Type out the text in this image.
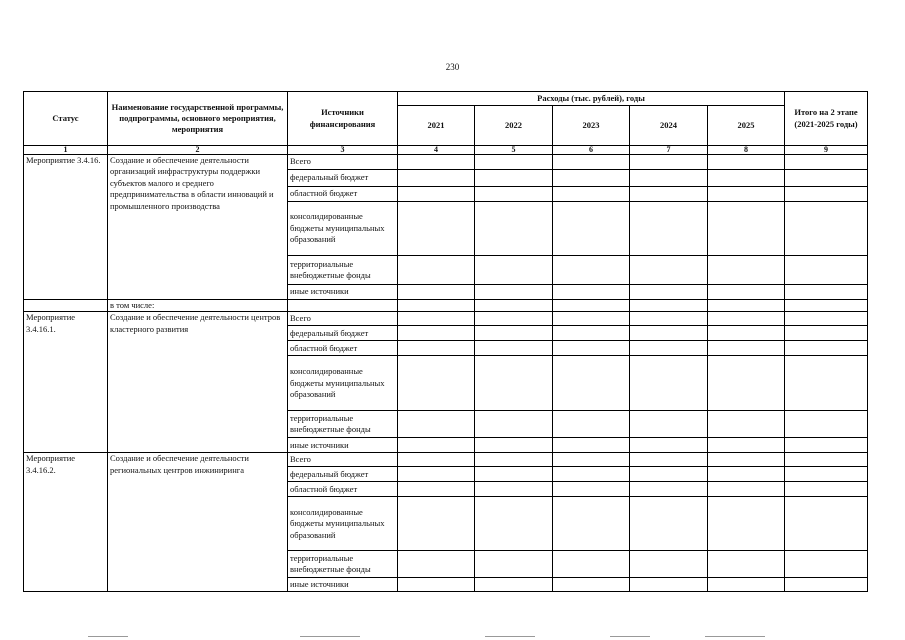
230
Статус	Наименование государственной программы, подпрограммы, основного мероприятия, мероприятия	Источники финансирования	Расходы (тыс. рублей), годы					Итого на 2 этапе (2021-2025 годы)
			2021	2022	2023	2024	2025	
1	2	3	4	5	6	7	8	9
Мероприятие 3.4.16.	Создание и обеспечение деятельности организаций инфраструктуры поддержки субъектов малого и среднего предпринимательства в области инноваций и промышленного производства	Всего						
		федеральный бюджет						
		областной бюджет						
		консолидированные бюджеты муниципальных образований						
		территориальные внебюджетные фонды						
		иные источники						
	в том числе:							
Мероприятие 3.4.16.1.	Создание и обеспечение деятельности центров кластерного развития	Всего						
		федеральный бюджет						
		областной бюджет						
		консолидированные бюджеты муниципальных образований						
		территориальные внебюджетные фонды						
		иные источники						
Мероприятие 3.4.16.2.	Создание и обеспечение деятельности региональных центров инжиниринга	Всего						
		федеральный бюджет						
		областной бюджет						
		консолидированные бюджеты муниципальных образований						
		территориальные внебюджетные фонды						
		иные источники						
